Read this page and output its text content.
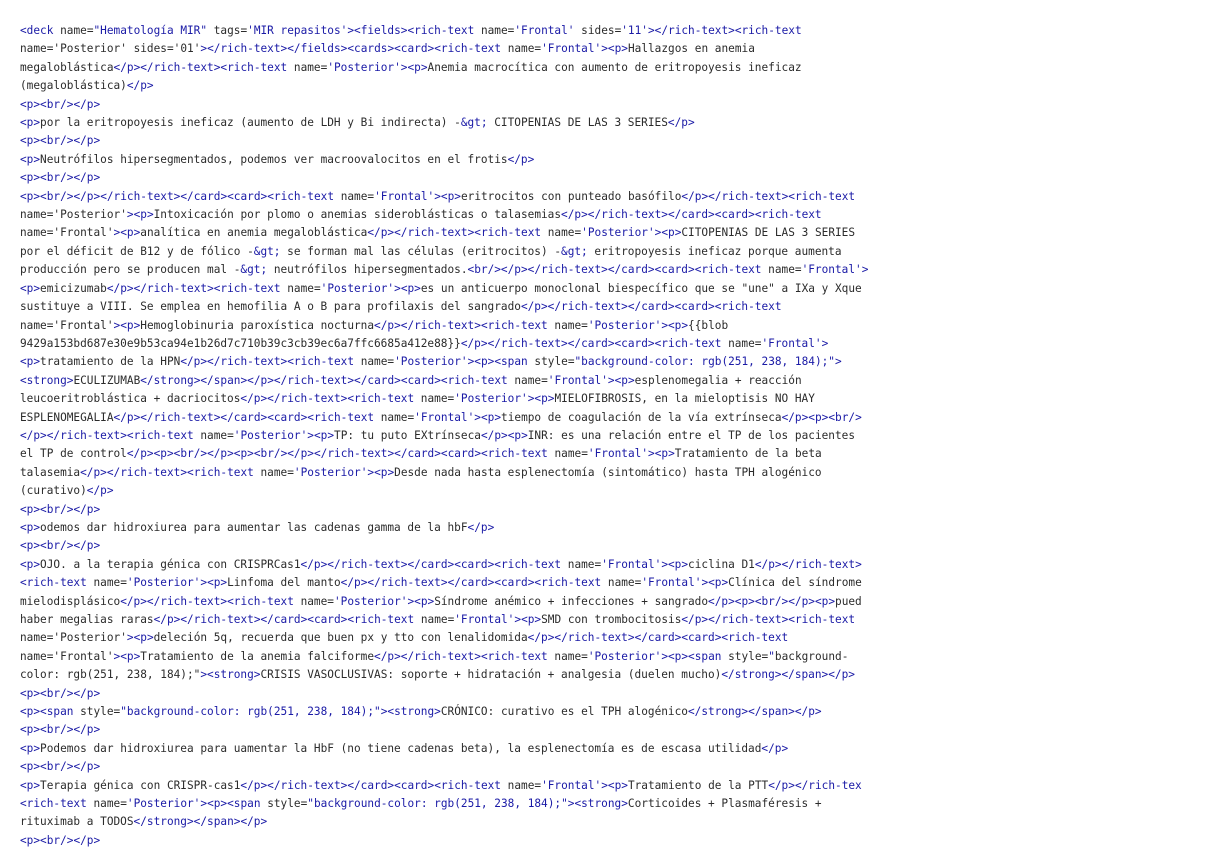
<deck name="Hematología MIR" tags='MIR repasitos'><fields><rich-text name='Frontal' sides='11'></rich-text><rich-text
name='Posterior' sides='01'></rich-text></fields><cards><card><rich-text name='Frontal'><p>Hallazgos en anemia
megaloblástica</p></rich-text><rich-text name='Posterior'><p>Anemia macrocítica con aumento de eritropoyesis ineficaz
(megaloblástica)</p>
<p><br/></p>
<p>por la eritropoyesis ineficaz (aumento de LDH y Bi indirecta) -&gt; CITOPENIAS DE LAS 3 SERIES</p>
<p><br/></p>
<p>Neutrófilos hipersegmentados, podemos ver macroovalocitos en el frotis</p>
<p><br/></p>
<p><br/></p></rich-text></card><card><rich-text name='Frontal'><p>eritrocitos con punteado basófilo</p></rich-text><rich-text
name='Posterior'><p>Intoxicación por plomo o anemias sideroblásticas o talasemias</p></rich-text></card><card><rich-text
name='Frontal'><p>analítica en anemia megaloblástica</p></rich-text><rich-text name='Posterior'><p>CITOPENIAS DE LAS 3 SERIES
por el déficit de B12 y de fólico -&gt; se forman mal las células (eritrocitos) -&gt; eritropoyesis ineficaz porque aumenta
producción pero se producen mal -&gt; neutrófilos hipersegmentados.<br/></p></rich-text></card><card><rich-text name='Frontal'>
<p>emicizumab</p></rich-text><rich-text name='Posterior'><p>es un anticuerpo monoclonal biespecífico que se "une" a IXa y Xque
sustituye a VIII. Se emplea en hemofilia A o B para profilaxis del sangrado</p></rich-text></card><card><rich-text
name='Frontal'><p>Hemoglobinuria paroxística nocturna</p></rich-text><rich-text name='Posterior'><p>{{blob
9429a153bd687e30e9b53ca94e1b26d7c710b39c3cb39ec6a7ffc6685a412e88}}</p></rich-text></card><card><rich-text name='Frontal'>
<p>tratamiento de la HPN</p></rich-text><rich-text name='Posterior'><p><span style="background-color: rgb(251, 238, 184);">
<strong>ECULIZUMAB</strong></span></p></rich-text></card><card><rich-text name='Frontal'><p>esplenomegalia + reacción
leucoeritroblástica + dacriocitos</p></rich-text><rich-text name='Posterior'><p>MIELOFIBROSIS, en la mieloptisis NO HAY
ESPLENOMEGALIA</p></rich-text></card><card><rich-text name='Frontal'><p>tiempo de coagulación de la vía extrínseca</p><p><br/>
</p></rich-text><rich-text name='Posterior'><p>TP: tu puto EXtrínseca</p><p>INR: es una relación entre el TP de los pacientes
el TP de control</p><p><br/></p><p><br/></p></rich-text></card><card><rich-text name='Frontal'><p>Tratamiento de la beta
talasemia</p></rich-text><rich-text name='Posterior'><p>Desde nada hasta esplenectomía (sintomático) hasta TPH alogénico
(curativo)</p>
<p><br/></p>
<p>odemos dar hidroxiurea para aumentar las cadenas gamma de la hbF</p>
<p><br/></p>
<p>OJO. a la terapia génica con CRISPRCas1</p></rich-text></card><card><rich-text name='Frontal'><p>ciclina D1</p></rich-text>
<rich-text name='Posterior'><p>Linfoma del manto</p></rich-text></card><card><rich-text name='Frontal'><p>Clínica del síndrome
mielodisplásico</p></rich-text><rich-text name='Posterior'><p>Síndrome anémico + infecciones + sangrado</p><p><br/></p><p>pued
haber megalias raras</p></rich-text></card><card><rich-text name='Frontal'><p>SMD con trombocitosis</p></rich-text><rich-text
name='Posterior'><p>deleción 5q, recuerda que buen px y tto con lenalidomida</p></rich-text></card><card><rich-text
name='Frontal'><p>Tratamiento de la anemia falciforme</p></rich-text><rich-text name='Posterior'><p><span style="background-
color: rgb(251, 238, 184);"><strong>CRISIS VASOCLUSIVAS: soporte + hidratación + analgesia (duelen mucho)</strong></span></p>
<p><br/></p>
<p><span style="background-color: rgb(251, 238, 184);"><strong>CRÓNICO: curativo es el TPH alogénico</strong></span></p>
<p><br/></p>
<p>Podemos dar hidroxiurea para uamentar la HbF (no tiene cadenas beta), la esplenectomía es de escasa utilidad</p>
<p><br/></p>
<p>Terapia génica con CRISPR-cas1</p></rich-text></card><card><rich-text name='Frontal'><p>Tratamiento de la PTT</p></rich-tex
<rich-text name='Posterior'><p><span style="background-color: rgb(251, 238, 184);"><strong>Corticoides + Plasmaféresis +
rituximab a TODOS</strong></span></p>
<p><br/></p>
